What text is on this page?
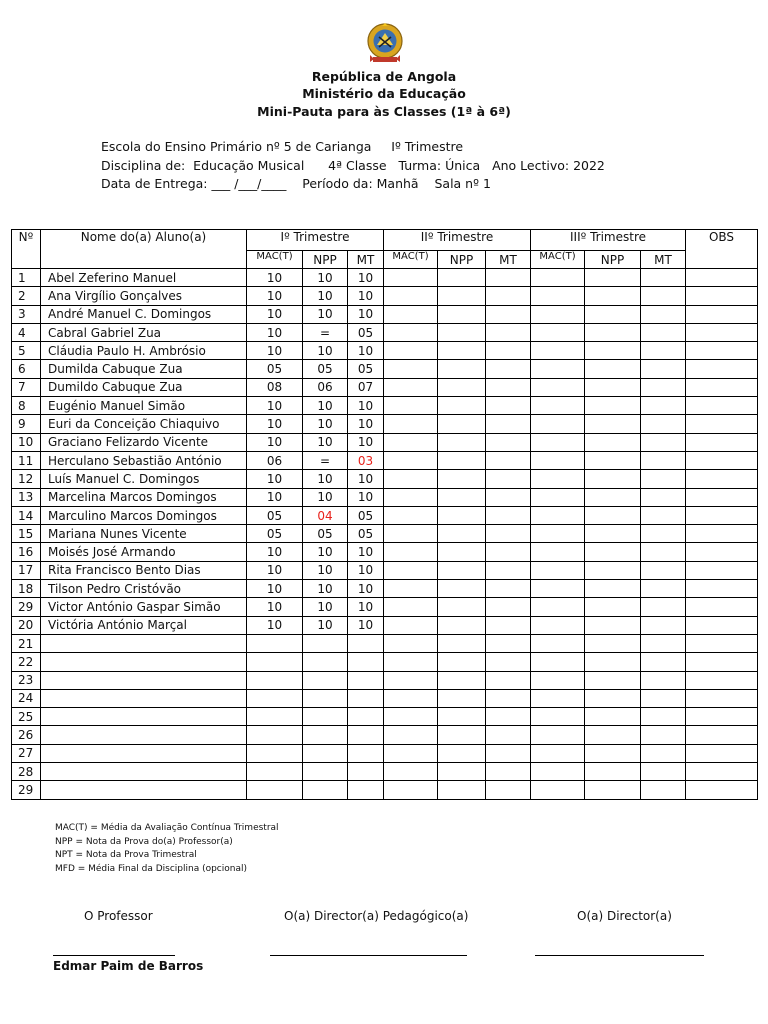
República de Angola
Ministério da Educação
Mini-Pauta para às Classes (1ª à 6ª)
Escola do Ensino Primário nº 5 de Carianga     Iº Trimestre
Disciplina de:  Educação Musical      4ª Classe   Turma: Única   Ano Lectivo: 2022
Data de Entrega: ___ /___/____    Período da: Manhã    Sala nº 1
Nº	Nome do(a) Aluno(a)	Iº Trimestre			IIº Trimestre			IIIº Trimestre			OBS
		MAC(T)	NPP	MT	MAC(T)	NPP	MT	MAC(T)	NPP	MT	
1	Abel Zeferino Manuel	10	10	10							
2	Ana Virgílio Gonçalves	10	10	10							
3	André Manuel C. Domingos	10	10	10							
4	Cabral Gabriel Zua	10	=	05							
5	Cláudia Paulo H. Ambrósio	10	10	10							
6	Dumilda Cabuque Zua	05	05	05							
7	Dumildo Cabuque Zua	08	06	07							
8	Eugénio Manuel Simão	10	10	10							
9	Euri da Conceição Chiaquivo	10	10	10							
10	Graciano Felizardo Vicente	10	10	10							
11	Herculano Sebastião António	06	=	03							
12	Luís Manuel C. Domingos	10	10	10							
13	Marcelina Marcos Domingos	10	10	10							
14	Marculino Marcos Domingos	05	04	05							
15	Mariana Nunes Vicente	05	05	05							
16	Moisés José Armando	10	10	10							
17	Rita Francisco Bento Dias	10	10	10							
18	Tilson Pedro Cristóvão	10	10	10							
29	Victor António Gaspar Simão	10	10	10							
20	Victória António Marçal	10	10	10							
21											
22											
23											
24											
25											
26											
27											
28											
29											
MAC(T) = Média da Avaliação Contínua Trimestral
NPP = Nota da Prova do(a) Professor(a)
NPT = Nota da Prova Trimestral
MFD = Média Final da Disciplina (opcional)
O Professor	O(a) Director(a) Pedagógico(a)	O(a) Director(a)
Edmar Paim de Barros
